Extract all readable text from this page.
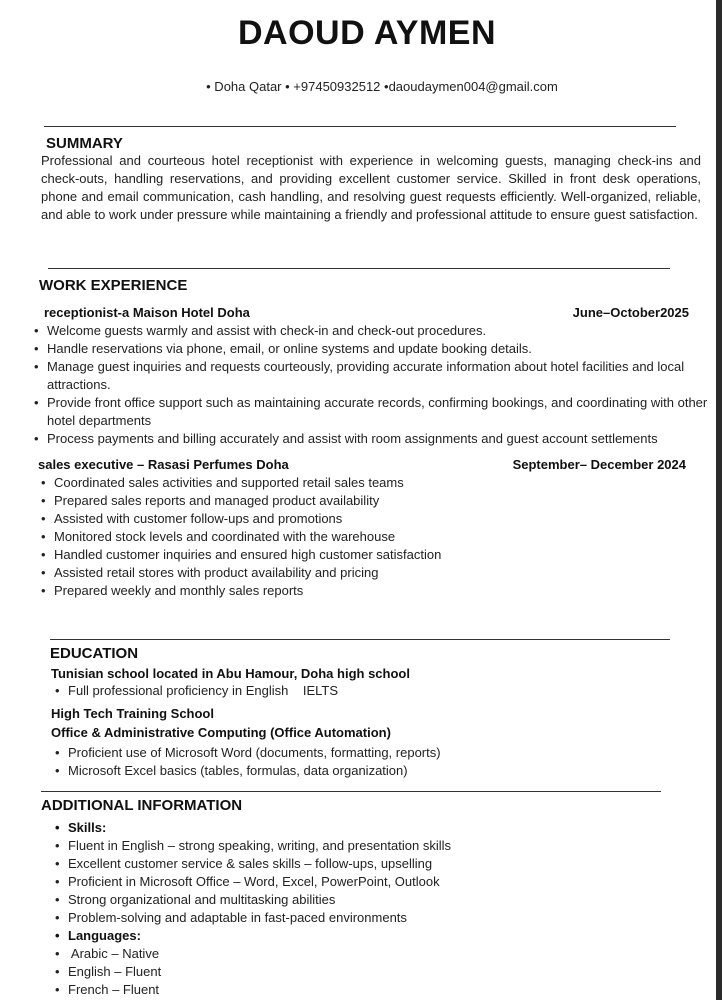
DAOUD AYMEN
• Doha Qatar • +97450932512 •daoudaymen004@gmail.com
SUMMARY

Professional and courteous hotel receptionist with experience in welcoming guests, managing check-ins and check-outs, handling reservations, and providing excellent customer service. Skilled in front desk operations, phone and email communication, cash handling, and resolving guest requests efficiently. Well-organized, reliable, and able to work under pressure while maintaining a friendly and professional attitude to ensure guest satisfaction.

WORK EXPERIENCE
receptionist-a Maison Hotel Doha	June–October2025
• Welcome guests warmly and assist with check-in and check-out procedures.
• Handle reservations via phone, email, or online systems and update booking details.
• Manage guest inquiries and requests courteously, providing accurate information about hotel facilities and local attractions.
• Provide front office support such as maintaining accurate records, confirming bookings, and coordinating with other hotel departments
• Process payments and billing accurately and assist with room assignments and guest account settlements
sales executive – Rasasi Perfumes Doha	September– December 2024
• Coordinated sales activities and supported retail sales teams
• Prepared sales reports and managed product availability
• Assisted with customer follow-ups and promotions
• Monitored stock levels and coordinated with the warehouse
• Handled customer inquiries and ensured high customer satisfaction
• Assisted retail stores with product availability and pricing
• Prepared weekly and monthly sales reports
EDUCATION
Tunisian school located in Abu Hamour, Doha high school
• Full professional proficiency in English    IELTS
High Tech Training School
Office & Administrative Computing (Office Automation)
• Proficient use of Microsoft Word (documents, formatting, reports)
• Microsoft Excel basics (tables, formulas, data organization)
ADDITIONAL INFORMATION
• Skills:
• Fluent in English – strong speaking, writing, and presentation skills
• Excellent customer service & sales skills – follow-ups, upselling
• Proficient in Microsoft Office – Word, Excel, PowerPoint, Outlook
• Strong organizational and multitasking abilities
• Problem-solving and adaptable in fast-paced environments
• Languages:
•  Arabic – Native
• English – Fluent
• French – Fluent
